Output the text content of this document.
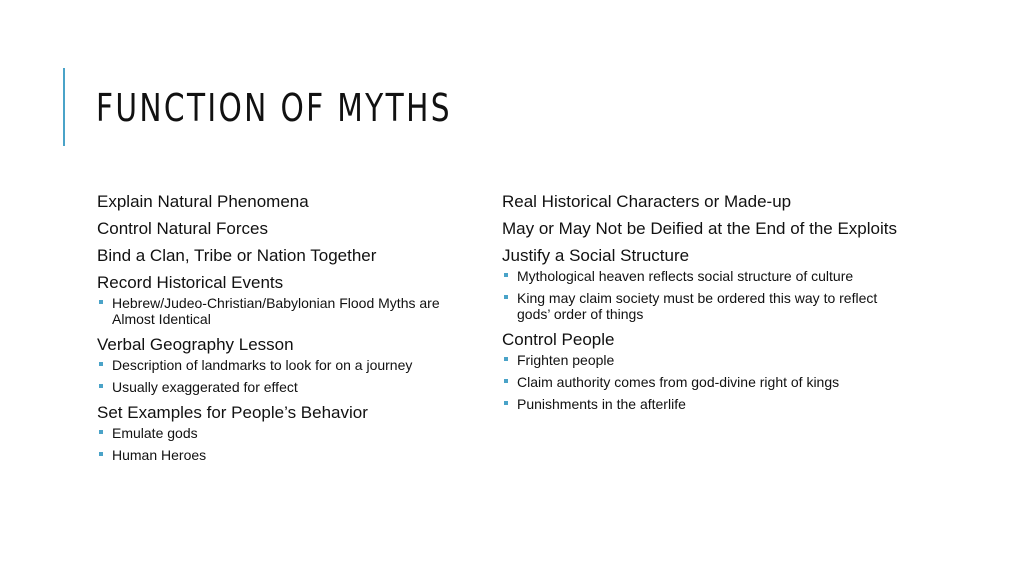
FUNCTION OF MYTHS
Explain Natural Phenomena
Control Natural Forces
Bind a Clan, Tribe or Nation Together
Record Historical Events
Hebrew/Judeo-Christian/Babylonian Flood Myths are Almost Identical
Verbal Geography Lesson
Description of landmarks to look for on a journey
Usually exaggerated for effect
Set Examples for People’s Behavior
Emulate gods
Human Heroes
Real Historical Characters or Made-up
May or May Not be Deified at the End of the Exploits
Justify a Social Structure
Mythological heaven reflects social structure of culture
King may claim society must be ordered this way to reflect gods’ order of things
Control People
Frighten people
Claim authority comes from god-divine right of kings
Punishments in the afterlife
